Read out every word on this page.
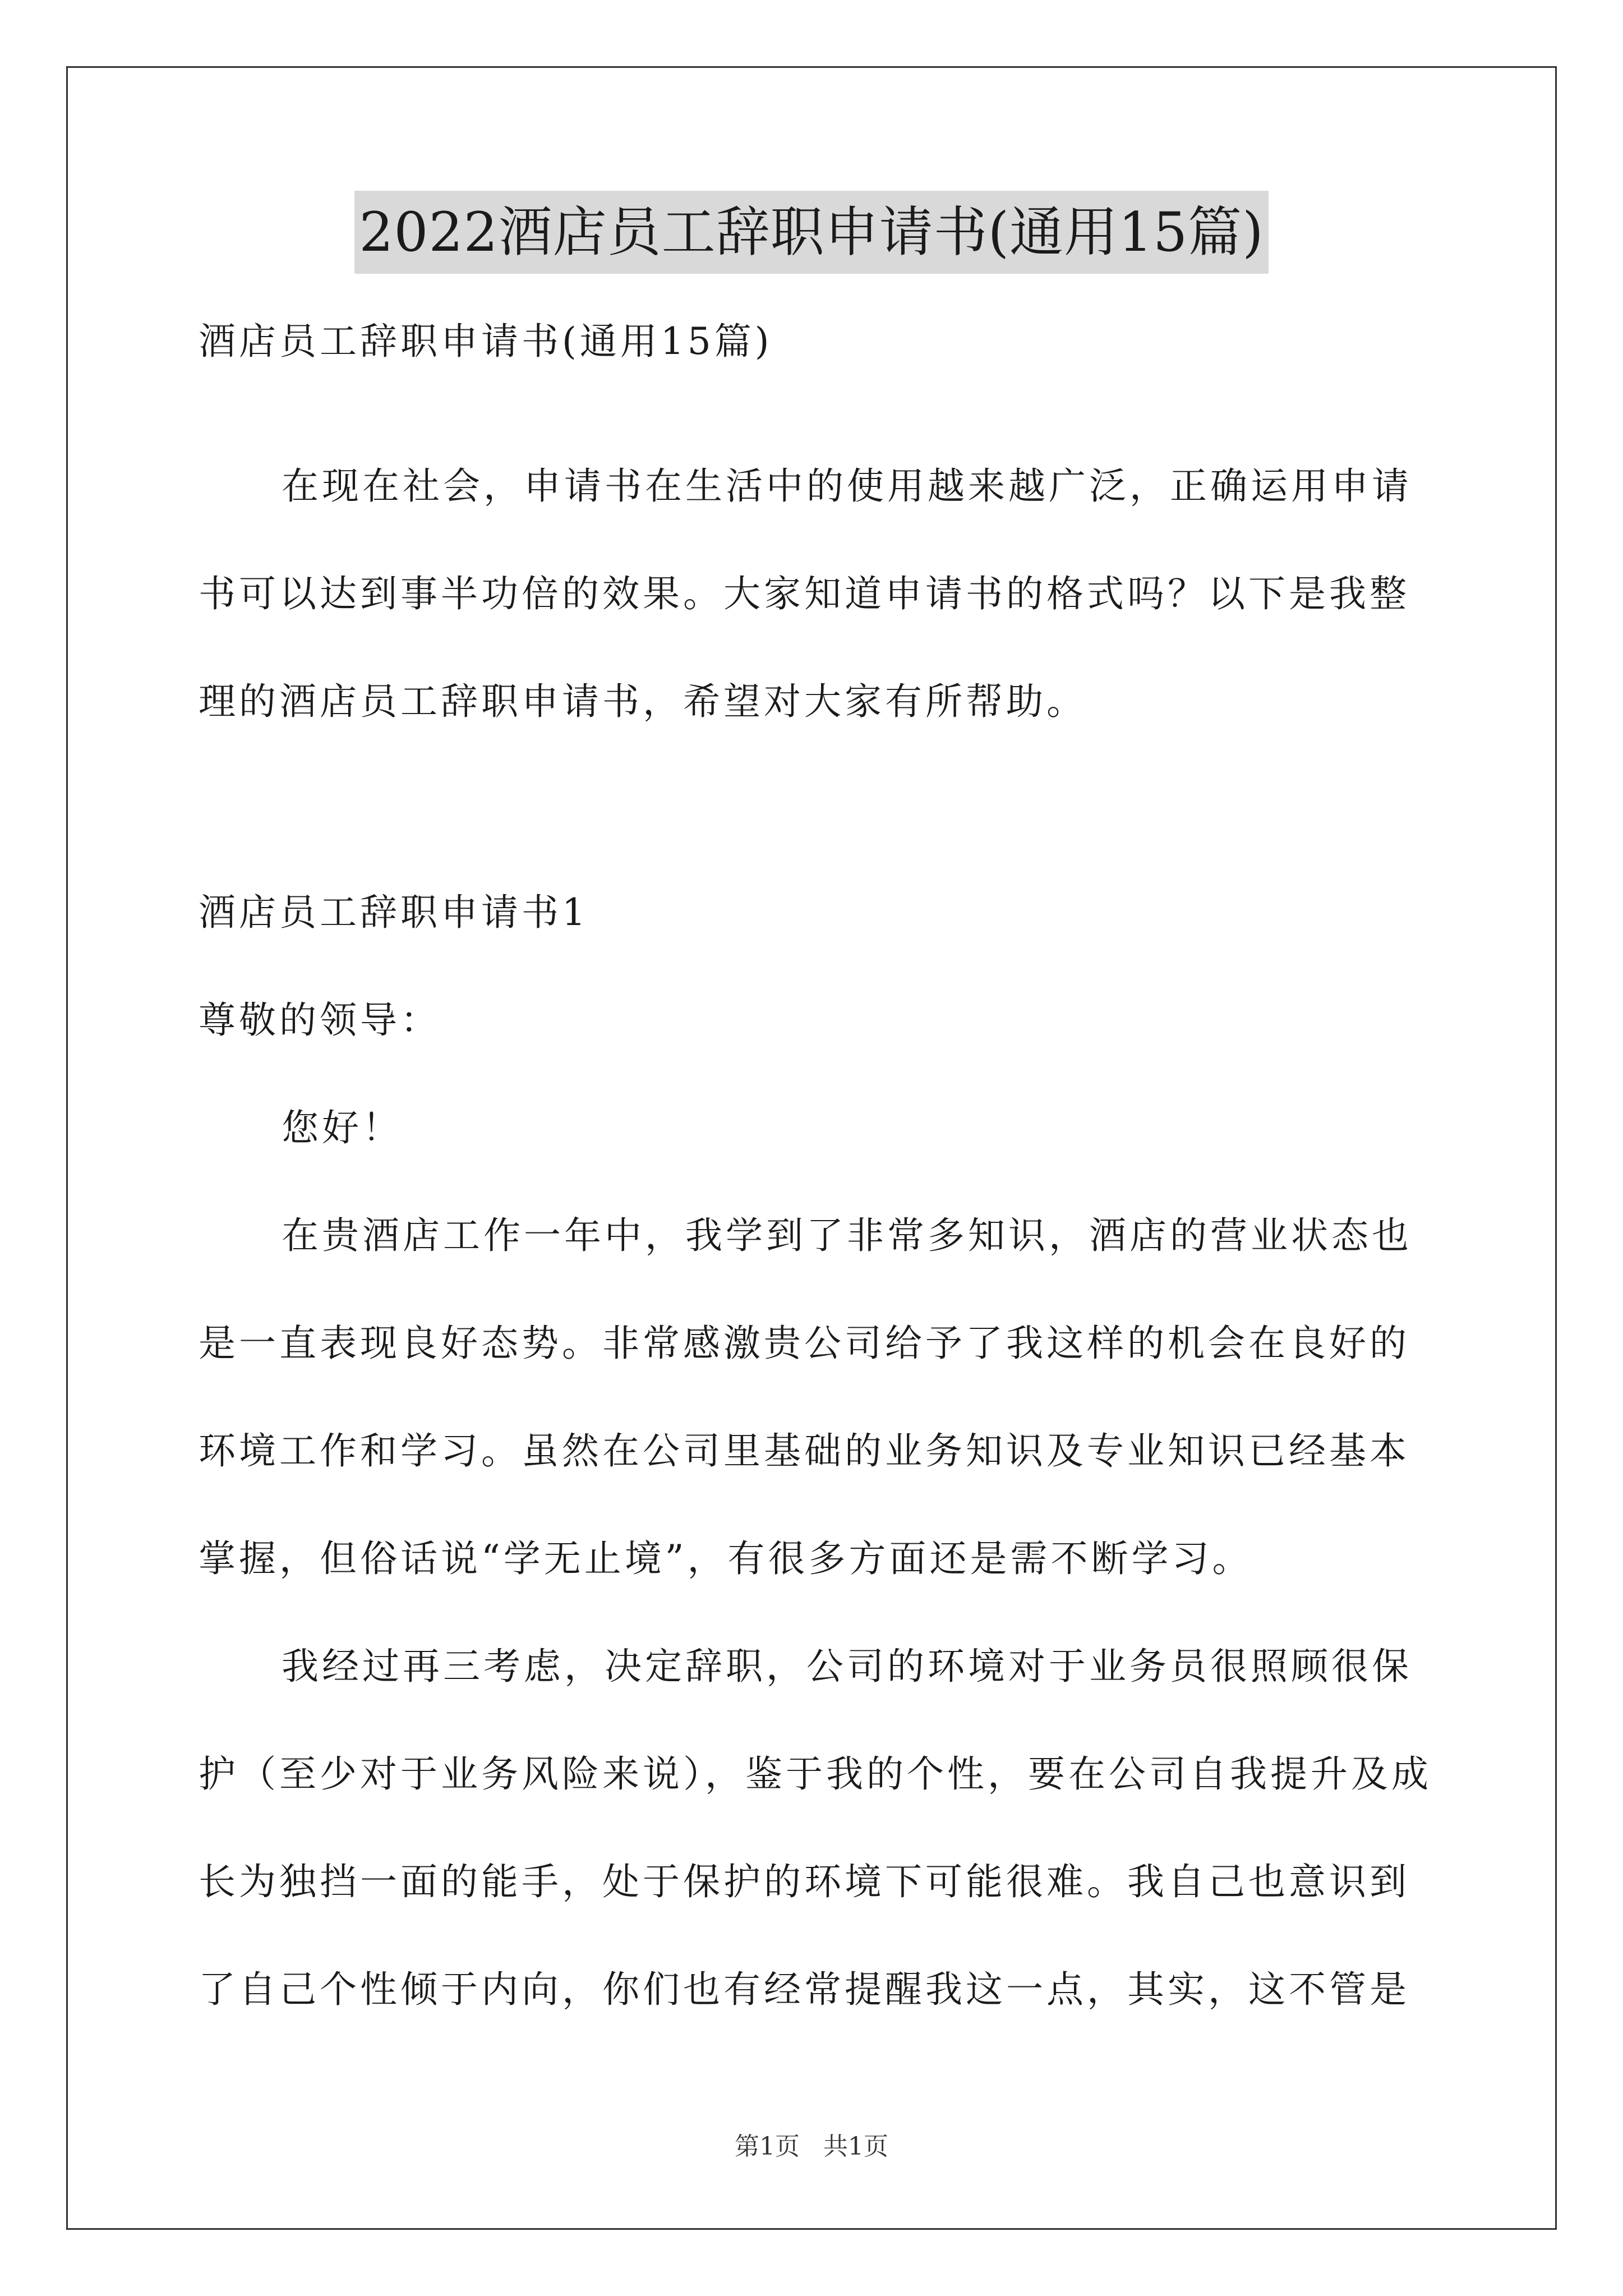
2022酒店员工辞职申请书(通用15篇)
酒店员工辞职申请书(通用15篇)
在现在社会，申请书在生活中的使用越来越广泛，正确运用申请
书可以达到事半功倍的效果。大家知道申请书的格式吗？以下是我整
理的酒店员工辞职申请书，希望对大家有所帮助。
酒店员工辞职申请书1
尊敬的领导：
您好！
在贵酒店工作一年中，我学到了非常多知识，酒店的营业状态也
是一直表现良好态势。非常感激贵公司给予了我这样的机会在良好的
环境工作和学习。虽然在公司里基础的业务知识及专业知识已经基本
掌握，但俗话说“学无止境”，有很多方面还是需不断学习。
我经过再三考虑，决定辞职，公司的环境对于业务员很照顾很保
护（至少对于业务风险来说），鉴于我的个性，要在公司自我提升及成
长为独挡一面的能手，处于保护的环境下可能很难。我自己也意识到
了自己个性倾于内向，你们也有经常提醒我这一点，其实，这不管是
第1页   共1页
